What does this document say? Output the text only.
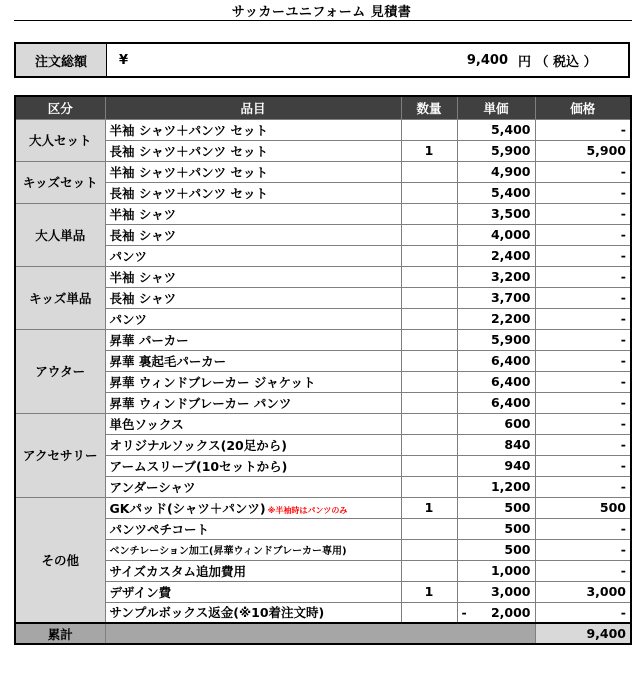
サッカーユニフォーム 見積書
注文総額	¥	9,400 円 （ 税込 ）
区分	品目	数量	単価	価格
大人セット	半袖 シャツ＋パンツ セット		5,400	-
	長袖 シャツ＋パンツ セット	1	5,900	5,900
キッズセット	半袖 シャツ＋パンツ セット		4,900	-
	長袖 シャツ＋パンツ セット		5,400	-
大人単品	半袖 シャツ		3,500	-
	長袖 シャツ		4,000	-
	パンツ		2,400	-
キッズ単品	半袖 シャツ		3,200	-
	長袖 シャツ		3,700	-
	パンツ		2,200	-
アウター	昇華 パーカー		5,900	-
	昇華 裏起毛パーカー		6,400	-
	昇華 ウィンドブレーカー ジャケット		6,400	-
	昇華 ウィンドブレーカー パンツ		6,400	-
アクセサリー	単色ソックス		600	-
	オリジナルソックス(20足から)		840	-
	アームスリーブ(10セットから)		940	-
	アンダーシャツ		1,200	-
その他	GKパッド(シャツ＋パンツ) ※半袖時はパンツのみ	1	500	500
	パンツペチコート		500	-
	ベンチレーション加工(昇華ウィンドブレーカー専用)		500	-
	サイズカスタム追加費用		1,000	-
	デザイン費	1	3,000	3,000
	サンプルボックス返金(※10着注文時)		- 2,000	-
累計				9,400
